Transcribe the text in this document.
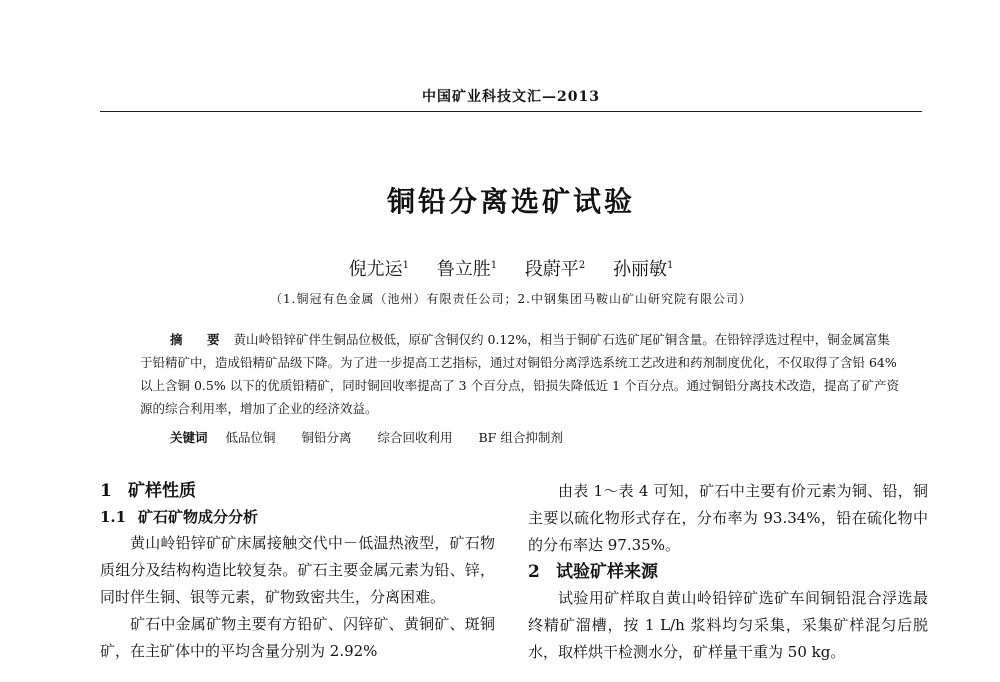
中国矿业科技文汇—2013
铜铅分离选矿试验
倪尤运$^1$ 鲁立胜$^1$ 段蔚平$^2$ 孙丽敏$^1$
（1.铜冠有色金属（池州）有限责任公司；2.中钢集团马鞍山矿山研究院有限公司）
摘　要 黄山岭铅锌矿伴生铜品位极低，原矿含铜仅约 0.12%，相当于铜矿石选矿尾矿铜含量。在铅锌浮选过程中，铜金属富集于铅精矿中，造成铅精矿品级下降。为了进一步提高工艺指标，通过对铜铅分离浮选系统工艺改进和药剂制度优化，不仅取得了含铅 64% 以上含铜 0.5% 以下的优质铅精矿，同时铜回收率提高了 3 个百分点，铅损失降低近 1 个百分点。通过铜铅分离技术改造，提高了矿产资源的综合利用率，增加了企业的经济效益。
关键词 低品位铜 铜铅分离 综合回收利用 BF 组合抑制剂

1 矿样性质

1.1 矿石矿物成分分析

黄山岭铅锌矿矿床属接触交代中－低温热液型，矿石物质组分及结构构造比较复杂。矿石主要金属元素为铅、锌，同时伴生铜、银等元素，矿物致密共生，分离困难。

矿石中金属矿物主要有方铅矿、闪锌矿、黄铜矿、斑铜矿，在主矿体中的平均含量分别为 2.92%

由表 1～表 4 可知，矿石中主要有价元素为铜、铅，铜主要以硫化物形式存在，分布率为 93.34%，铅在硫化物中的分布率达 97.35%。

2 试验矿样来源

试验用矿样取自黄山岭铅锌矿选矿车间铜铅混合浮选最终精矿溜槽，按 1 L/h 浆料均匀采集，采集矿样混匀后脱水，取样烘干检测水分，矿样量干重为 50 kg。
